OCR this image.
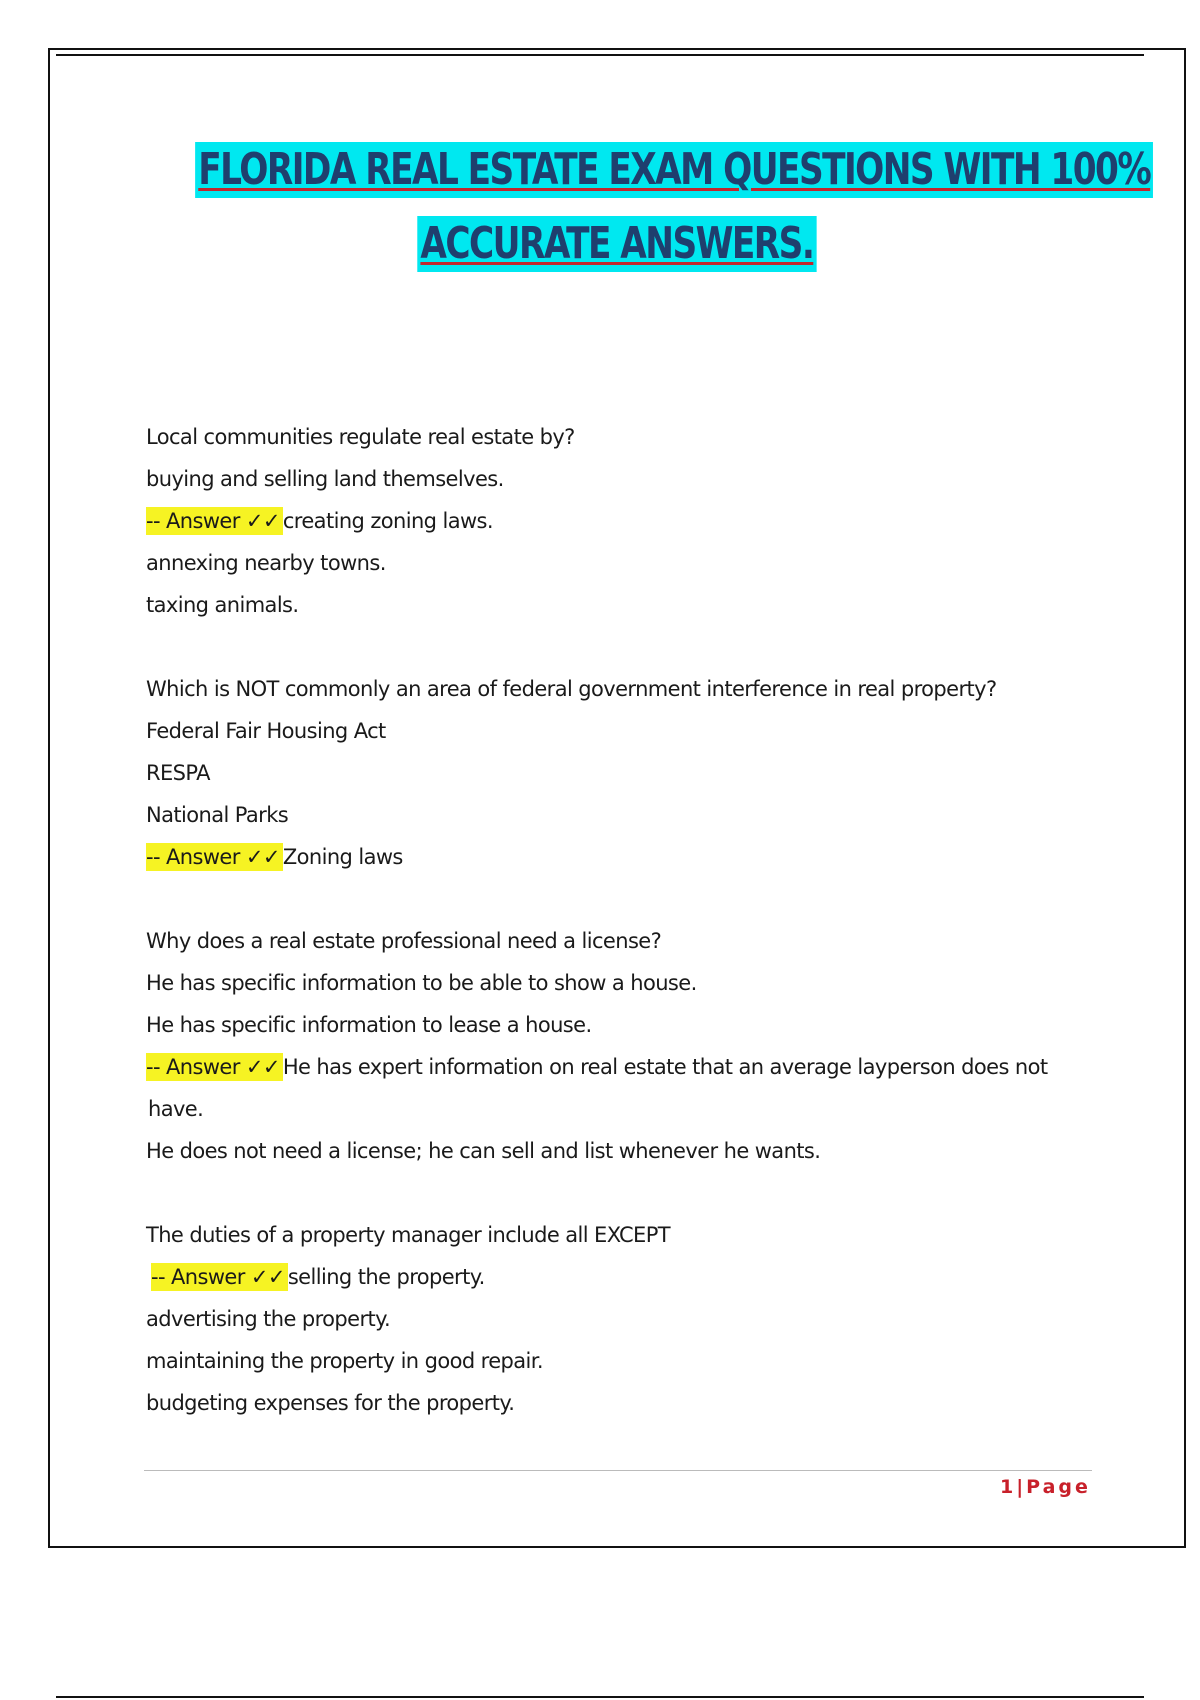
FLORIDA REAL ESTATE EXAM QUESTIONS WITH 100%
ACCURATE ANSWERS.
Local communities regulate real estate by?
buying and selling land themselves.
-- Answer ✓✓ creating zoning laws.
annexing nearby towns.
taxing animals.
Which is NOT commonly an area of federal government interference in real property?
Federal Fair Housing Act
RESPA
National Parks
-- Answer ✓✓ Zoning laws
Why does a real estate professional need a license?
He has specific information to be able to show a house.
He has specific information to lease a house.
-- Answer ✓✓ He has expert information on real estate that an average layperson does not
have.
He does not need a license; he can sell and list whenever he wants.
The duties of a property manager include all EXCEPT
-- Answer ✓✓ selling the property.
advertising the property.
maintaining the property in good repair.
budgeting expenses for the property.
1|Page
